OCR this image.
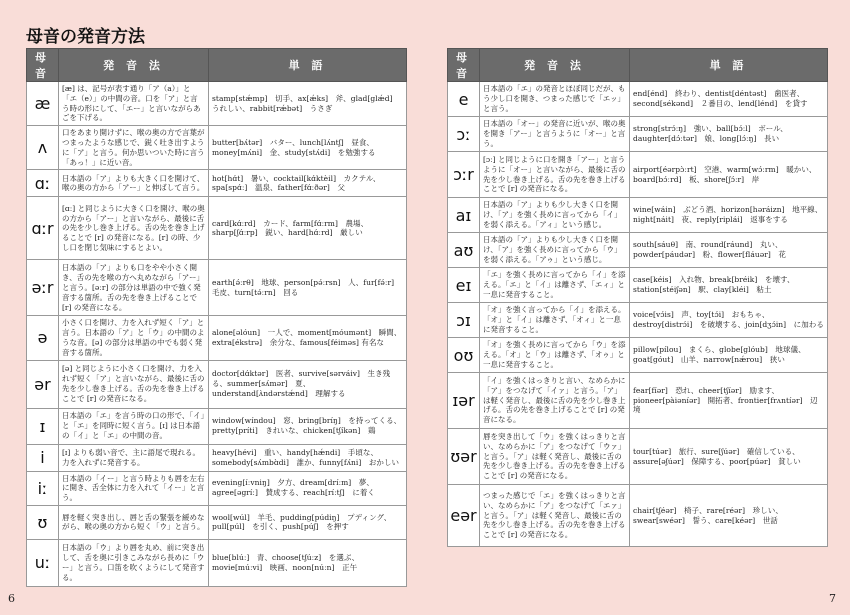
母音の発音方法
母 音	発 音 法	単 語
æ	[æ] は、記号が表す通り「ア（a）」と「エ（e）」の中間の音。口を「ア」と言う時の形にして、「エー」と言いながらあごを下げる。	stamp[stǽmp]　切手、ax[ǽks]　斧、glad[glǽd]　うれしい、rabbit[rǽbət]　うさぎ
ʌ	口をあまり開けずに、喉の奥の方で言葉がつまったような感じで、鋭く吐き出すように「ア」と言う。何か思いついた時に言う「あっ！」に近い音。	butter[bʌ́tər]　バター、lunch[lʌ́ntʃ]　昼食、money[mʌ́ni]　金、study[stʌ́di]　を勉強する
ɑː	日本語の「ア」よりも大きく口を開けて、喉の奥の方から「アー」と伸ばして言う。	hot[hɑ́t]　暑い、cocktail[kɑ́ktèil]　カクテル、spa[spɑ́ː]　温泉、father[fɑ́ːðər]　父
ɑːr	[ɑː] と同じように大きく口を開け、喉の奥の方から「アー」と言いながら、最後に舌の先を少し巻き上げる。舌の先を巻き上げることで [r] の発音になる。[r] の時、少し口を閉じ気味にするとよい。	card[kɑ́ːrd]　カード、farm[fɑ́ːrm]　農場、sharp[ʃɑ́ːrp]　鋭い、hard[hɑ́ːrd]　厳しい
əːr	日本語の「ア」よりも口をやや小さく開き、舌の先を喉の方へ丸めながら「アー」と言う。[əːr] の部分は単語の中で強く発音する箇所。舌の先を巻き上げることで [r] の発音になる。	earth[ə́ːrθ]　地球、person[pə́ːrsn]　人、fur[fə́ːr]　毛皮、turn[tə́ːrn]　回る
ə	小さく口を開け、力を入れず短く「ア」と言う。日本語の「ア」と「ウ」の中間のような音。[ə] の部分は単語の中でも弱く発音する箇所。	alone[əlóun]　一人で、moment[móumənt]　瞬間、extra[ékstrə]　余分な、famous[féiməs] 有名な
ər	[ə] と同じように小さく口を開け、力を入れず短く「ア」と言いながら、最後に舌の先を少し巻き上げる。舌の先を巻き上げることで [r] の発音になる。	doctor[dɑ́ktər]　医者、survive[sərváiv]　生き残る、summer[sʌ́mər]　夏、understand[ʌ̀ndərstǽnd]　理解する
ɪ	日本語の「エ」を言う時の口の形で、「イ」と「エ」を同時に短く言う。[ɪ] は日本語の「イ」と「エ」の中間の音。	window[wíndou]　窓、bring[bríŋ]　を持ってくる、pretty[príti]　きれいな、chicken[tʃíkən]　鶏
i	[ɪ] よりも弱い音で、主に語尾で現れる。力を入れずに発音する。	heavy[hévi]　重い、handy[hǽndi]　手頃な、somebody[sʌ́mbɑ̀di]　誰か、funny[fʌ́ni]　おかしい
iː	日本語の「イー」と言う時よりも唇を左右に開き、舌全体に力を入れて「イー」と言う。	evening[íːvniŋ]　夕方、dream[dríːm]　夢、agree[əgríː]　賛成する、reach[ríːtʃ]　に着く
ʊ	唇を軽く突き出し、唇と舌の緊張を緩めながら、喉の奥の方から短く「ウ」と言う。	wool[wúl]　羊毛、pudding[púdiŋ]　プディング、pull[púl]　を引く、push[púʃ]　を押す
uː	日本語の「ウ」より唇を丸め、前に突き出して、舌を奥に引きこみながら長めに「ウー」と言う。口笛を吹くようにして発音する。	blue[blúː]　青、choose[tʃúːz]　を選ぶ、movie[múːvi]　映画、noon[núːn]　正午
6
母 音	発 音 法	単 語
e	日本語の「エ」の発音とほぼ同じだが、もう少し口を開き、つまった感じで「エッ」と言う。	end[énd]　終わり、dentist[déntəst]　歯医者、second[sékənd]　２番目の、lend[lénd]　を貸す
ɔː	日本語の「オー」の発音に近いが、喉の奥を開き「アー」と言うように「オー」と言う。	strong[strɔ́ːŋ]　強い、ball[bɔ́ːl]　ボール、daughter[dɔ́ːtər]　娘、long[lɔ́ːŋ]　長い
ɔːr	[ɔː] と同じように口を開き「アー」と言うように「オー」と言いながら、最後に舌の先を少し巻き上げる。舌の先を巻き上げることで [r] の発音になる。	airport[éərpɔ̀ːrt]　空港、warm[wɔ́ːrm]　暖かい、board[bɔ́ːrd]　板、shore[ʃɔ́ːr]　岸
aɪ	日本語の「ア」よりも少し大きく口を開け、「ア」を強く長めに言ってから「イ」を弱く添える。「アィ」という感じ。	wine[wáin]　ぶどう酒、horizon[həráizn]　地平線、night[náit]　夜、reply[riplái]　返事をする
aʊ	日本語の「ア」よりも少し大きく口を開け、「ア」を強く長めに言ってから「ウ」を弱く添える。「アゥ」という感じ。	south[sáuθ]　南、round[ráund]　丸い、powder[páudər]　粉、flower[fláuər]　花
eɪ	「エ」を強く長めに言ってから「イ」を添える。「エ」と「イ」は離さず、「エィ」と一息に発音すること。	case[kéis]　入れ物、break[bréik]　を壊す、station[stéiʃən]　駅、clay[kléi]　粘土
ɔɪ	「オ」を強く言ってから「イ」を添える。「オ」と「イ」は離さず、「オィ」と一息に発音すること。	voice[vɔ́is]　声、toy[tɔ́i]　おもちゃ、destroy[distrɔ́i]　を破壊する、join[dʒɔ́in]　に加わる
oʊ	「オ」を強く長めに言ってから「ウ」を添える。「オ」と「ウ」は離さず、「オゥ」と一息に発音すること。	pillow[pílou]　まくら、globe[glóub]　地球儀、goat[góut]　山羊、narrow[nǽrou]　狭い
ɪər	「イ」を強くはっきりと言い、なめらかに「ア」をつなげて「イァ」と言う。「ア」は軽く発音し、最後に舌の先を少し巻き上げる。舌の先を巻き上げることで [r] の発音になる。	fear[fíər]　恐れ、cheer[tʃíər]　励ます、pioneer[pàiəníər]　開拓者、frontier[frʌntíər]　辺境
ʊər	唇を突き出して「ウ」を強くはっきりと言い、なめらかに「ア」をつなげて「ウァ」と言う。「ア」は軽く発音し、最後に舌の先を少し巻き上げる。舌の先を巻き上げることで [r] の発音になる。	tour[túər]　旅行、sure[ʃúər]　確信している、assure[əʃúər]　保障する、poor[púər]　貧しい
eər	つまった感じで「エ」を強くはっきりと言い、なめらかに「ア」をつなげて「エァ」と言う。「ア」は軽く発音し、最後に舌の先を少し巻き上げる。舌の先を巻き上げることで [r] の発音になる。	chair[tʃéər]　椅子、rare[réər]　珍しい、swear[swéər]　誓う、care[kéər]　世話
7
